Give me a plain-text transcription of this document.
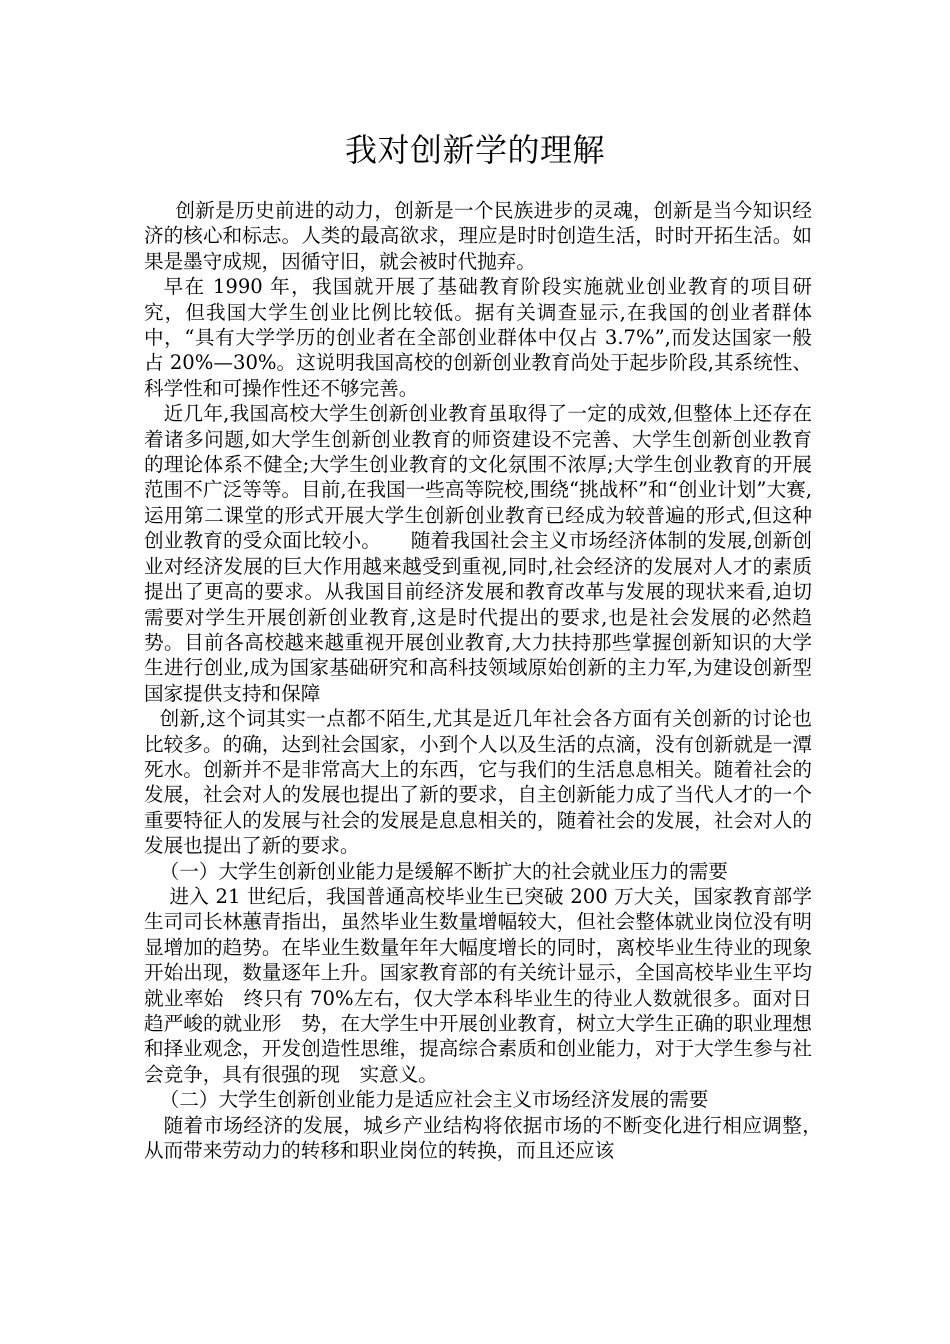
我对创新学的理解

创新是历史前进的动力，创新是一个民族进步的灵魂，创新是当今知识经济的核心和标志。人类的最高欲求，理应是时时创造生活，时时开拓生活。如果是墨守成规，因循守旧，就会被时代抛弃。

早在 1990 年，我国就开展了基础教育阶段实施就业创业教育的项目研究，但我国大学生创业比例比较低。据有关调查显示,在我国的创业者群体中，“具有大学学历的创业者在全部创业群体中仅占 3.7%”,而发达国家一般占 20%—30%。这说明我国高校的创新创业教育尚处于起步阶段,其系统性、科学性和可操作性还不够完善。

近几年,我国高校大学生创新创业教育虽取得了一定的成效,但整体上还存在着诸多问题,如大学生创新创业教育的师资建设不完善、大学生创新创业教育的理论体系不健全;大学生创业教育的文化氛围不浓厚;大学生创业教育的开展范围不广泛等等。目前,在我国一些高等院校,围绕“挑战杯”和“创业计划”大赛,运用第二课堂的形式开展大学生创新创业教育已经成为较普遍的形式,但这种创业教育的受众面比较小。　　随着我国社会主义市场经济体制的发展,创新创业对经济发展的巨大作用越来越受到重视,同时,社会经济的发展对人才的素质提出了更高的要求。从我国目前经济发展和教育改革与发展的现状来看,迫切需要对学生开展创新创业教育,这是时代提出的要求,也是社会发展的必然趋势。目前各高校越来越重视开展创业教育,大力扶持那些掌握创新知识的大学生进行创业,成为国家基础研究和高科技领域原始创新的主力军,为建设创新型国家提供支持和保障

创新,这个词其实一点都不陌生,尤其是近几年社会各方面有关创新的讨论也比较多。的确，达到社会国家，小到个人以及生活的点滴，没有创新就是一潭死水。创新并不是非常高大上的东西，它与我们的生活息息相关。随着社会的发展，社会对人的发展也提出了新的要求，自主创新能力成了当代人才的一个重要特征人的发展与社会的发展是息息相关的，随着社会的发展，社会对人的发展也提出了新的要求。

（一）大学生创新创业能力是缓解不断扩大的社会就业压力的需要

进入 21 世纪后，我国普通高校毕业生已突破 200 万大关，国家教育部学生司司长林蕙青指出，虽然毕业生数量增幅较大，但社会整体就业岗位没有明显增加的趋势。在毕业生数量年年大幅度增长的同时，离校毕业生待业的现象开始出现，数量逐年上升。国家教育部的有关统计显示，全国高校毕业生平均就业率始　终只有 70%左右，仅大学本科毕业生的待业人数就很多。面对日趋严峻的就业形　势，在大学生中开展创业教育，树立大学生正确的职业理想和择业观念，开发创造性思维，提高综合素质和创业能力，对于大学生参与社会竞争，具有很强的现　实意义。

（二）大学生创新创业能力是适应社会主义市场经济发展的需要

随着市场经济的发展，城乡产业结构将依据市场的不断变化进行相应调整，　从而带来劳动力的转移和职业岗位的转换，而且还应该
